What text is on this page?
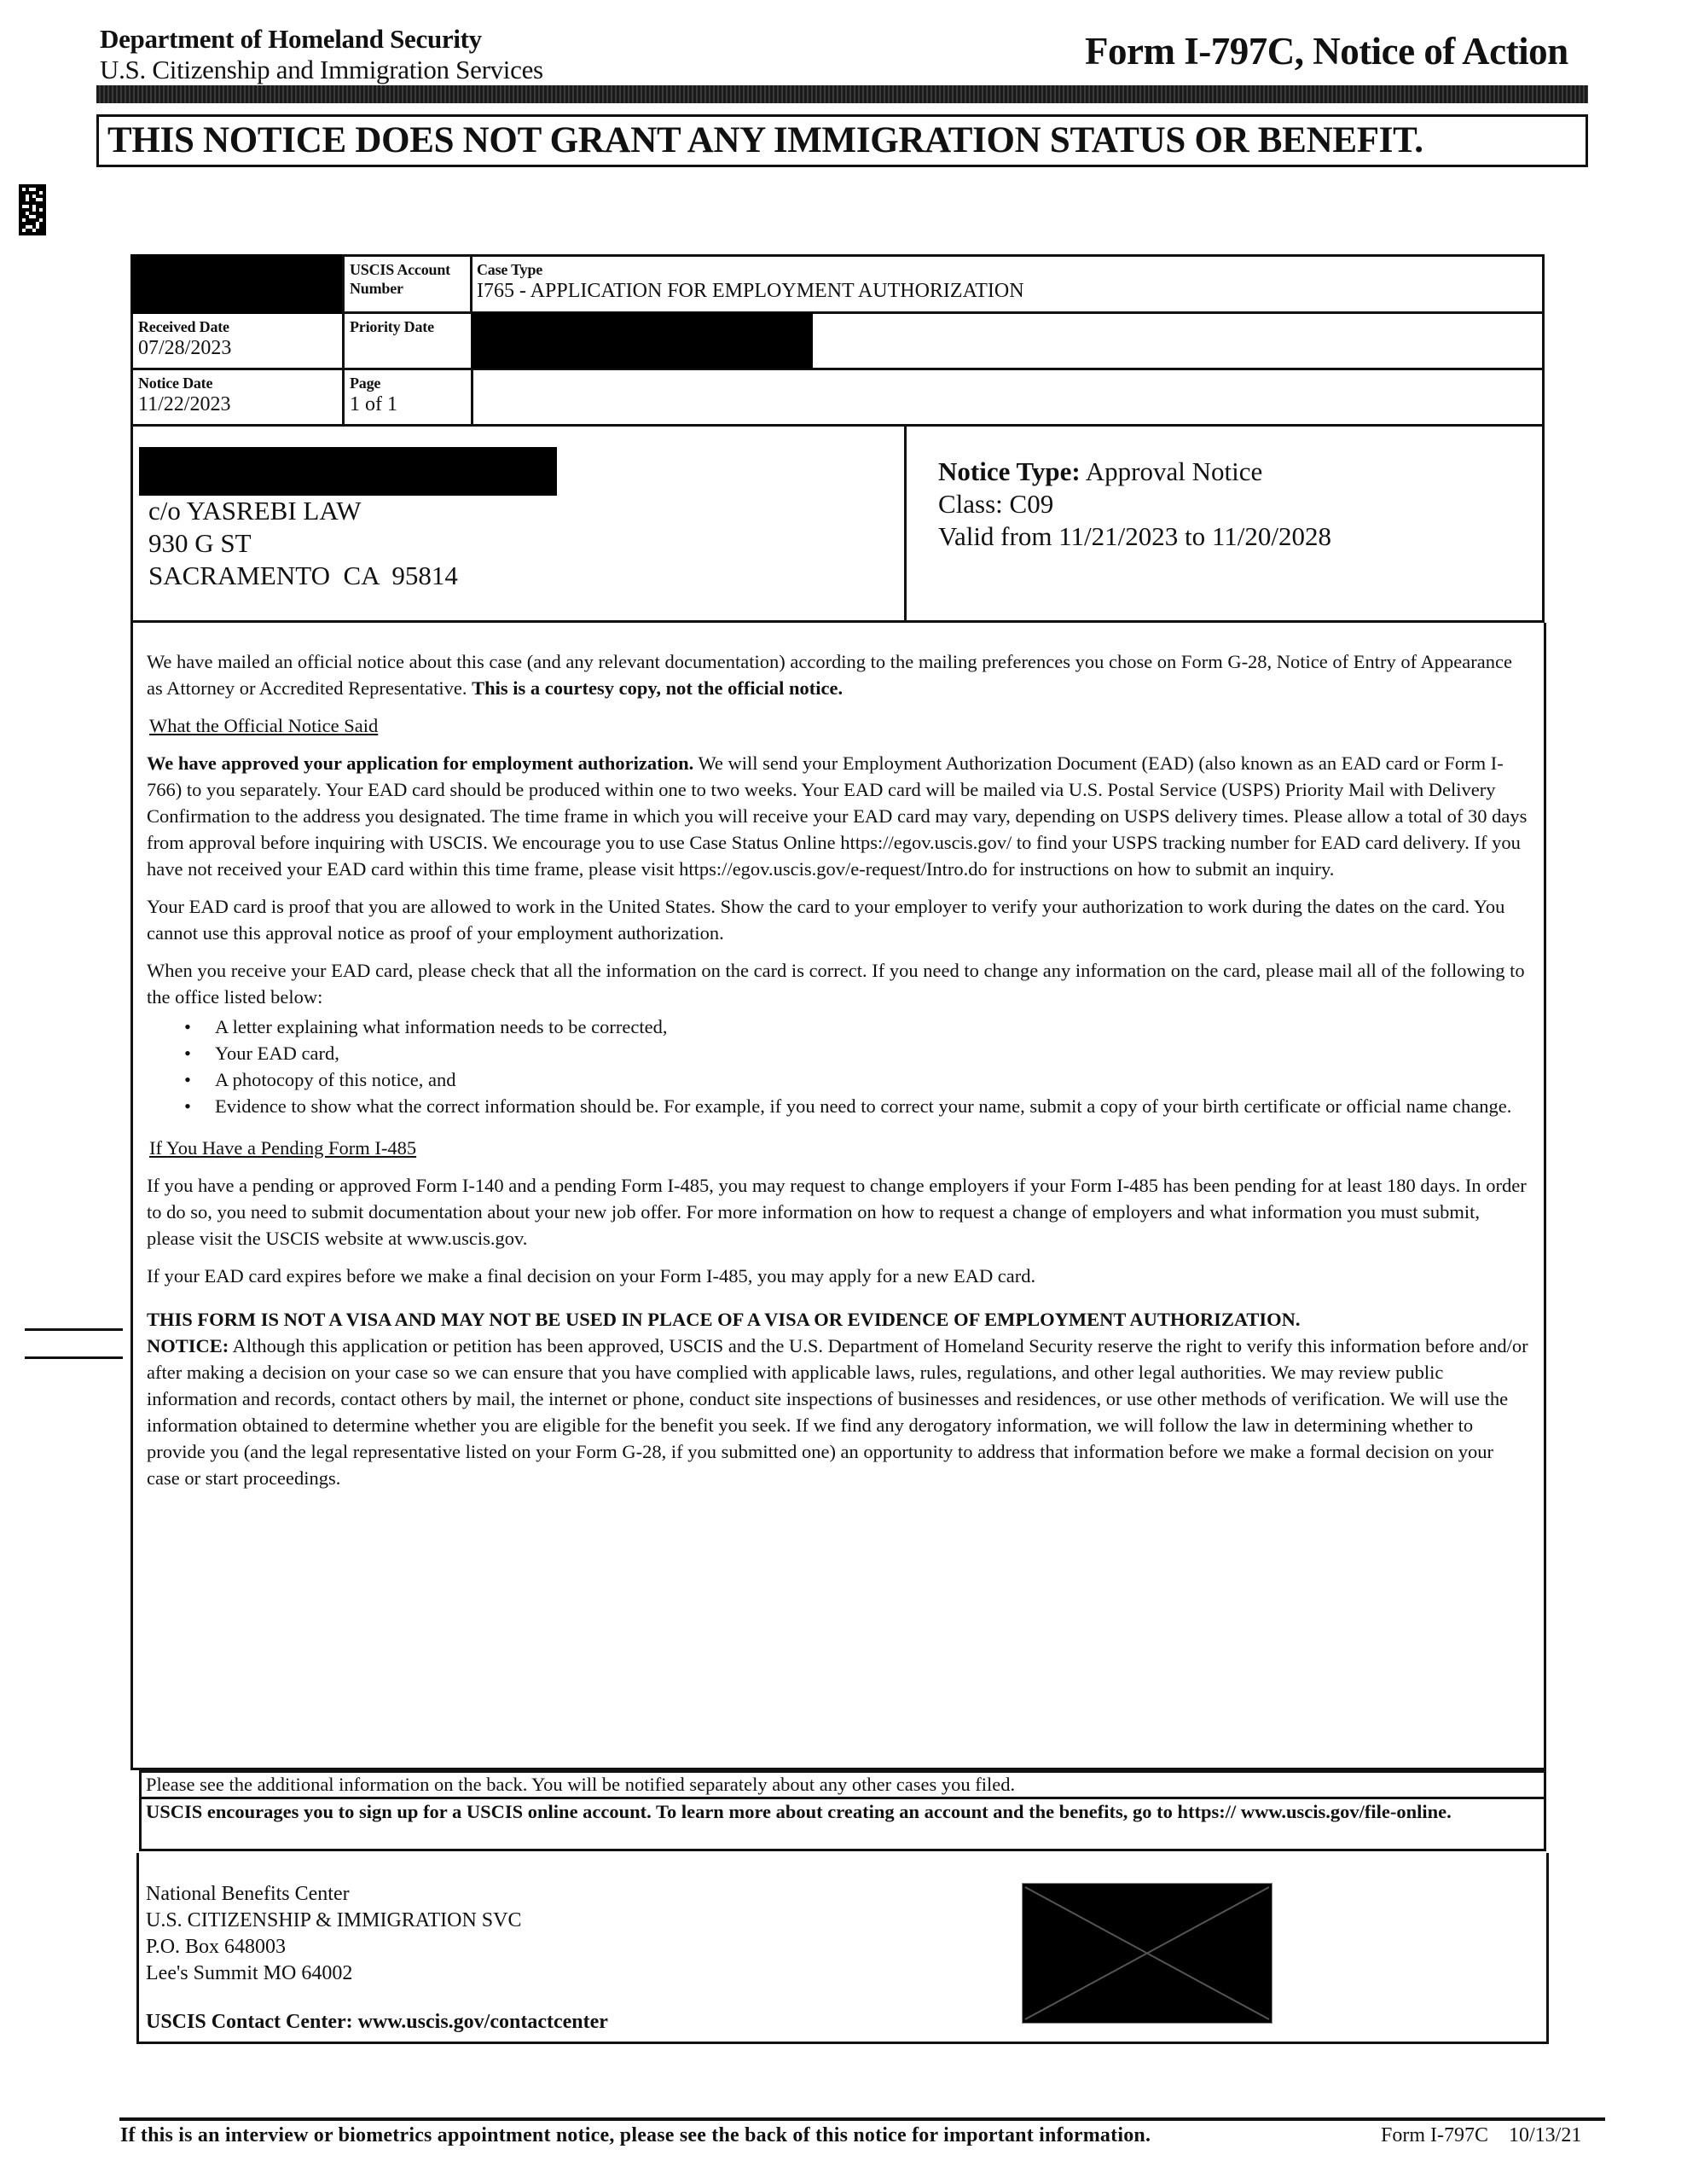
Department of Homeland Security
U.S. Citizenship and Immigration Services	Form I-797C, Notice of Action
THIS NOTICE DOES NOT GRANT ANY IMMIGRATION STATUS OR BENEFIT.
USCIS Account Number
Case Type
I765 - APPLICATION FOR EMPLOYMENT AUTHORIZATION
Received Date
07/28/2023
Priority Date
Notice Date
11/22/2023
Page
1 of 1
c/o YASREBI LAW
930 G ST
SACRAMENTO  CA  95814
Notice Type: Approval Notice
Class: C09
Valid from 11/21/2023 to 11/20/2028

We have mailed an official notice about this case (and any relevant documentation) according to the mailing preferences you chose on Form G-28, Notice of Entry of Appearance as Attorney or Accredited Representative. This is a courtesy copy, not the official notice.

What the Official Notice Said

We have approved your application for employment authorization. We will send your Employment Authorization Document (EAD) (also known as an EAD card or Form I-766) to you separately. Your EAD card should be produced within one to two weeks. Your EAD card will be mailed via U.S. Postal Service (USPS) Priority Mail with Delivery Confirmation to the address you designated. The time frame in which you will receive your EAD card may vary, depending on USPS delivery times. Please allow a total of 30 days from approval before inquiring with USCIS. We encourage you to use Case Status Online https://egov.uscis.gov/ to find your USPS tracking number for EAD card delivery. If you have not received your EAD card within this time frame, please visit https://egov.uscis.gov/e-request/Intro.do for instructions on how to submit an inquiry.

Your EAD card is proof that you are allowed to work in the United States. Show the card to your employer to verify your authorization to work during the dates on the card. You cannot use this approval notice as proof of your employment authorization.

When you receive your EAD card, please check that all the information on the card is correct. If you need to change any information on the card, please mail all of the following to the office listed below:

• A letter explaining what information needs to be corrected,
• Your EAD card,
• A photocopy of this notice, and
• Evidence to show what the correct information should be. For example, if you need to correct your name, submit a copy of your birth certificate or official name change.
If You Have a Pending Form I-485

If you have a pending or approved Form I-140 and a pending Form I-485, you may request to change employers if your Form I-485 has been pending for at least 180 days. In order to do so, you need to submit documentation about your new job offer. For more information on how to request a change of employers and what information you must submit, please visit the USCIS website at www.uscis.gov.

If your EAD card expires before we make a final decision on your Form I-485, you may apply for a new EAD card.

THIS FORM IS NOT A VISA AND MAY NOT BE USED IN PLACE OF A VISA OR EVIDENCE OF EMPLOYMENT AUTHORIZATION.
NOTICE: Although this application or petition has been approved, USCIS and the U.S. Department of Homeland Security reserve the right to verify this information before and/or after making a decision on your case so we can ensure that you have complied with applicable laws, rules, regulations, and other legal authorities. We may review public information and records, contact others by mail, the internet or phone, conduct site inspections of businesses and residences, or use other methods of verification. We will use the information obtained to determine whether you are eligible for the benefit you seek. If we find any derogatory information, we will follow the law in determining whether to provide you (and the legal representative listed on your Form G-28, if you submitted one) an opportunity to address that information before we make a formal decision on your case or start proceedings.

Please see the additional information on the back. You will be notified separately about any other cases you filed.
USCIS encourages you to sign up for a USCIS online account. To learn more about creating an account and the benefits, go to https:// www.uscis.gov/file-online.
National Benefits Center
U.S. CITIZENSHIP & IMMIGRATION SVC
P.O. Box 648003
Lee's Summit MO 64002
USCIS Contact Center: www.uscis.gov/contactcenter
If this is an interview or biometrics appointment notice, please see the back of this notice for important information.	Form I-797C    10/13/21
